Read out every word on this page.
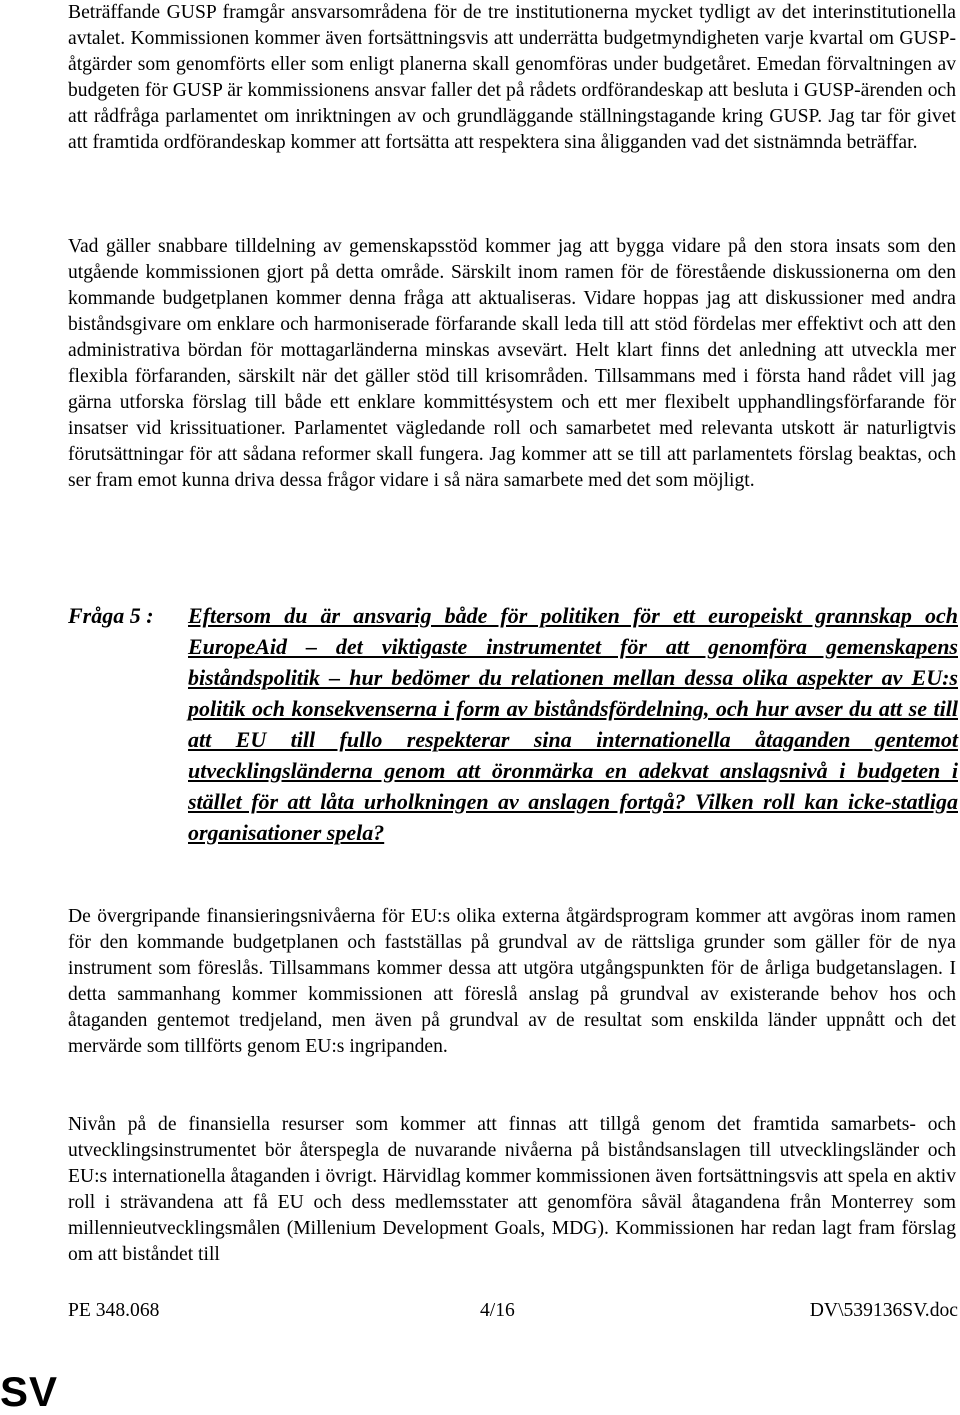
Beträffande GUSP framgår ansvarsområdena för de tre institutionerna mycket tydligt av det interinstitutionella avtalet. Kommissionen kommer även fortsättningsvis att underrätta budgetmyndigheten varje kvartal om GUSP-åtgärder som genomförts eller som enligt planerna skall genomföras under budgetåret. Emedan förvaltningen av budgeten för GUSP är kommissionens ansvar faller det på rådets ordförandeskap att besluta i GUSP-ärenden och att rådfråga parlamentet om inriktningen av och grundläggande ställningstagande kring GUSP. Jag tar för givet att framtida ordförandeskap kommer att fortsätta att respektera sina åligganden vad det sistnämnda beträffar.

Vad gäller snabbare tilldelning av gemenskapsstöd kommer jag att bygga vidare på den stora insats som den utgående kommissionen gjort på detta område. Särskilt inom ramen för de förestående diskussionerna om den kommande budgetplanen kommer denna fråga att aktualiseras. Vidare hoppas jag att diskussioner med andra biståndsgivare om enklare och harmoniserade förfarande skall leda till att stöd fördelas mer effektivt och att den administrativa bördan för mottagarländerna minskas avsevärt. Helt klart finns det anledning att utveckla mer flexibla förfaranden, särskilt när det gäller stöd till krisområden. Tillsammans med i första hand rådet vill jag gärna utforska förslag till både ett enklare kommittésystem och ett mer flexibelt upphandlingsförfarande för insatser vid krissituationer. Parlamentet vägledande roll och samarbetet med relevanta utskott är naturligtvis förutsättningar för att sådana reformer skall fungera. Jag kommer att se till att parlamentets förslag beaktas, och ser fram emot kunna driva dessa frågor vidare i så nära samarbete med det som möjligt.

Fråga 5 : Eftersom du är ansvarig både för politiken för ett europeiskt grannskap och EuropeAid – det viktigaste instrumentet för att genomföra gemenskapens biståndspolitik – hur bedömer du relationen mellan dessa olika aspekter av EU:s politik och konsekvenserna i form av biståndsfördelning, och hur avser du att se till att EU till fullo respekterar sina internationella åtaganden gentemot utvecklingsländerna genom att öronmärka en adekvat anslagsnivå i budgeten i stället för att låta urholkningen av anslagen fortgå? Vilken roll kan icke-statliga organisationer spela?

De övergripande finansieringsnivåerna för EU:s olika externa åtgärdsprogram kommer att avgöras inom ramen för den kommande budgetplanen och fastställas på grundval av de rättsliga grunder som gäller för de nya instrument som föreslås. Tillsammans kommer dessa att utgöra utgångspunkten för de årliga budgetanslagen. I detta sammanhang kommer kommissionen att föreslå anslag på grundval av existerande behov hos och åtaganden gentemot tredjeland, men även på grundval av de resultat som enskilda länder uppnått och det mervärde som tillförts genom EU:s ingripanden.

Nivån på de finansiella resurser som kommer att finnas att tillgå genom det framtida samarbets- och utvecklingsinstrumentet bör återspegla de nuvarande nivåerna på biståndsanslagen till utvecklingsländer och EU:s internationella åtaganden i övrigt. Härvidlag kommer kommissionen även fortsättningsvis att spela en aktiv roll i strävandena att få EU och dess medlemsstater att genomföra såväl åtagandena från Monterrey som millennieutvecklingsmålen (Millenium Development Goals, MDG). Kommissionen har redan lagt fram förslag om att biståndet till

PE 348.068	4/16	DV\539136SV.doc
SV
